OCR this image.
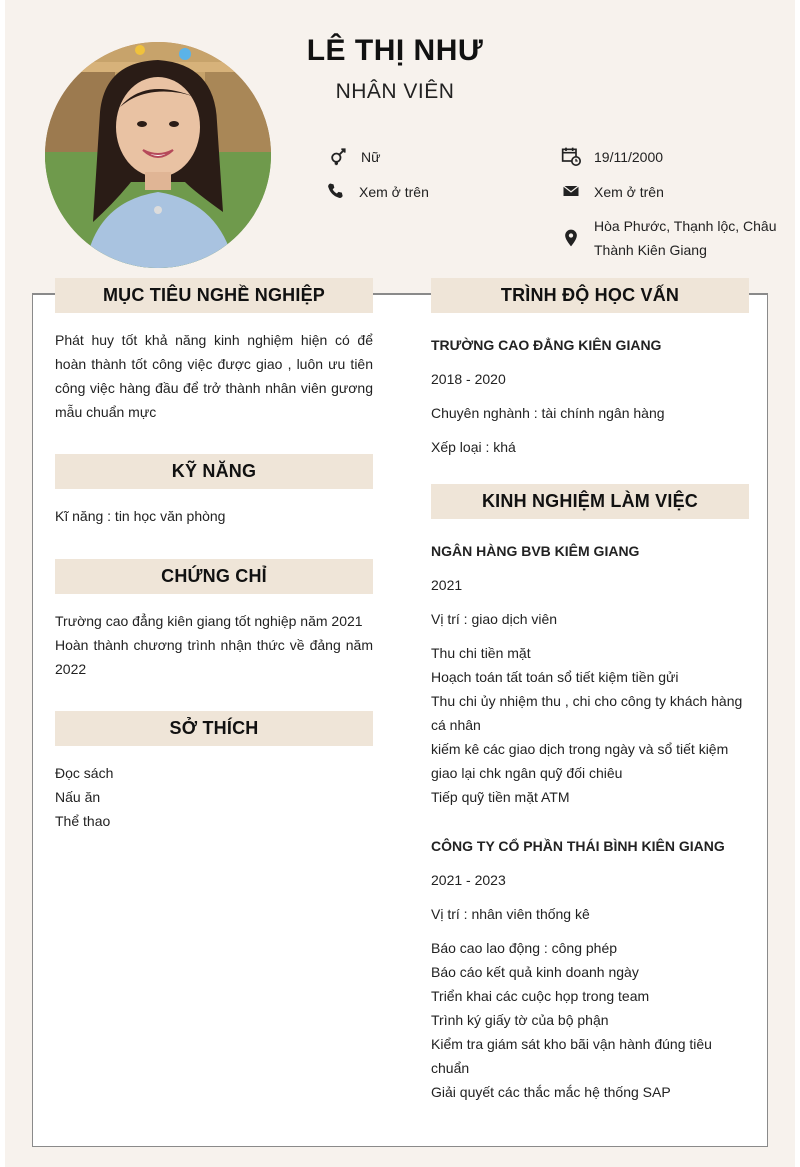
LÊ THỊ NHƯ
NHÂN VIÊN
Nữ	19/11/2000
Xem ở trên	Xem ở trên
Hòa Phước, Thạnh lộc, Châu
Thành Kiên Giang
MỤC TIÊU NGHỀ NGHIỆP
Phát huy tốt khả năng kinh nghiệm hiện có để hoàn thành tốt công việc được giao , luôn ưu tiên công việc hàng đầu để trở thành nhân viên gương mẫu chuẩn mực
KỸ NĂNG
Kĩ năng : tin học văn phòng
CHỨNG CHỈ
Trường cao đẳng kiên giang tốt nghiệp năm 2021
Hoàn thành chương trình nhận thức về đảng năm 2022
SỞ THÍCH
Đọc sách
Nấu ăn
Thể thao
TRÌNH ĐỘ HỌC VẤN
TRƯỜNG CAO ĐẲNG KIÊN GIANG
2018 - 2020
Chuyên nghành : tài chính ngân hàng
Xếp loại : khá
KINH NGHIỆM LÀM VIỆC
NGÂN HÀNG BVB KIÊM GIANG
2021
Vị trí : giao dịch viên
Thu chi tiền mặt
Hoạch toán tất toán sổ tiết kiệm tiền gửi
Thu chi ủy nhiệm thu , chi cho công ty khách hàng
cá nhân
kiếm kê các giao dịch trong ngày và sổ tiết kiệm
giao lại chk ngân quỹ đối chiêu
Tiếp quỹ tiền mặt ATM
CÔNG TY CỔ PHẦN THÁI BÌNH KIÊN GIANG
2021 - 2023
Vị trí : nhân viên thống kê
Báo cao lao động : công phép
Báo cáo kết quả kinh doanh ngày
Triển khai các cuộc họp trong team
Trình ký giấy tờ của bộ phận
Kiểm tra giám sát kho bãi vận hành đúng tiêu
chuẩn
Giải quyết các thắc mắc hệ thống SAP
